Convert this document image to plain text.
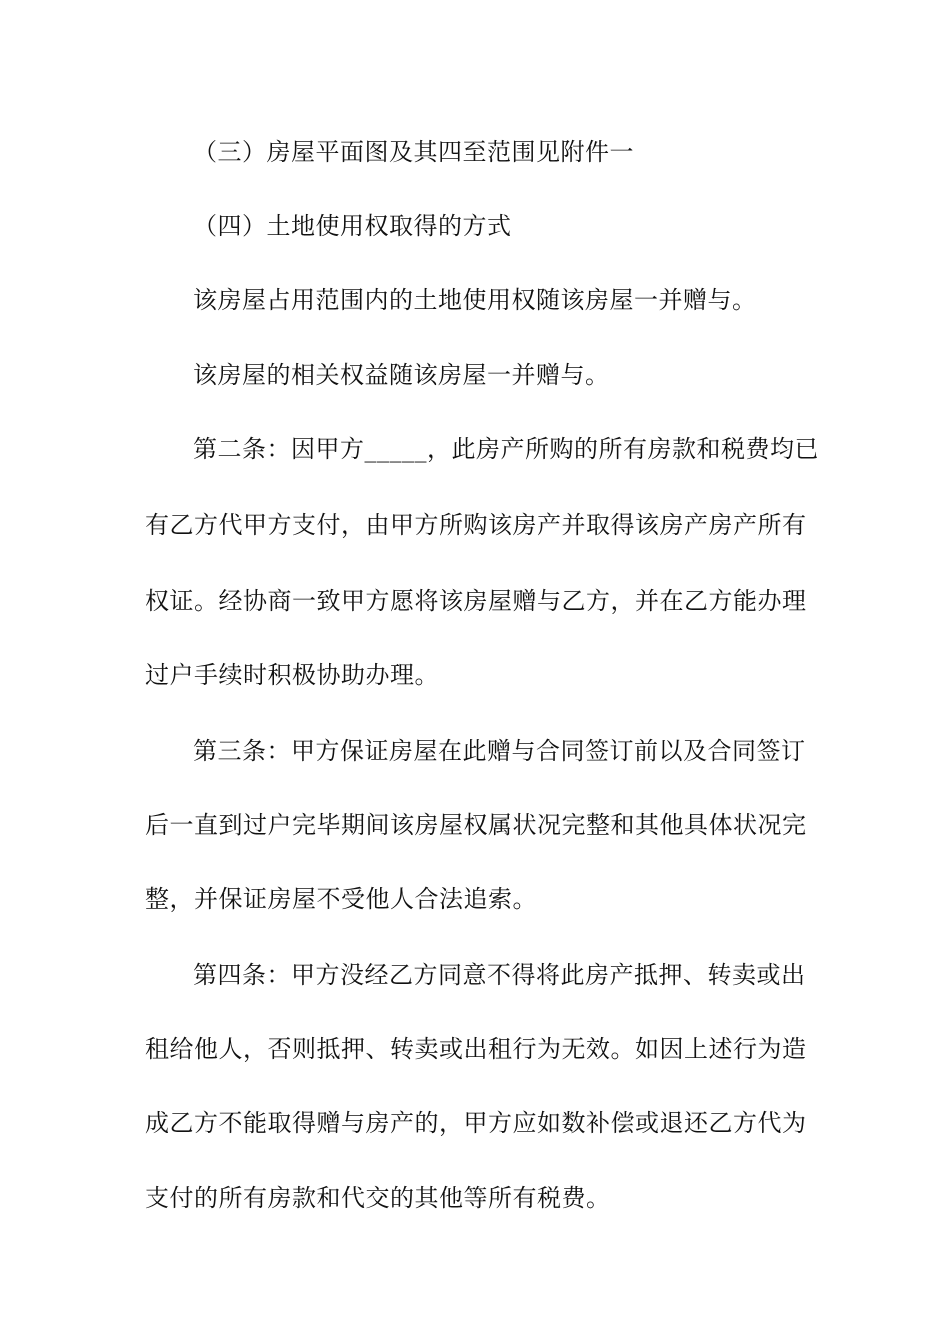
（三）房屋平面图及其四至范围见附件一
（四）土地使用权取得的方式
该房屋占用范围内的土地使用权随该房屋一并赠与。
该房屋的相关权益随该房屋一并赠与。
第二条：因甲方_____，此房产所购的所有房款和税费均已
有乙方代甲方支付，由甲方所购该房产并取得该房产房产所有
权证。经协商一致甲方愿将该房屋赠与乙方，并在乙方能办理
过户手续时积极协助办理。
第三条：甲方保证房屋在此赠与合同签订前以及合同签订
后一直到过户完毕期间该房屋权属状况完整和其他具体状况完
整，并保证房屋不受他人合法追索。
第四条：甲方没经乙方同意不得将此房产抵押、转卖或出
租给他人，否则抵押、转卖或出租行为无效。如因上述行为造
成乙方不能取得赠与房产的，甲方应如数补偿或退还乙方代为
支付的所有房款和代交的其他等所有税费。
